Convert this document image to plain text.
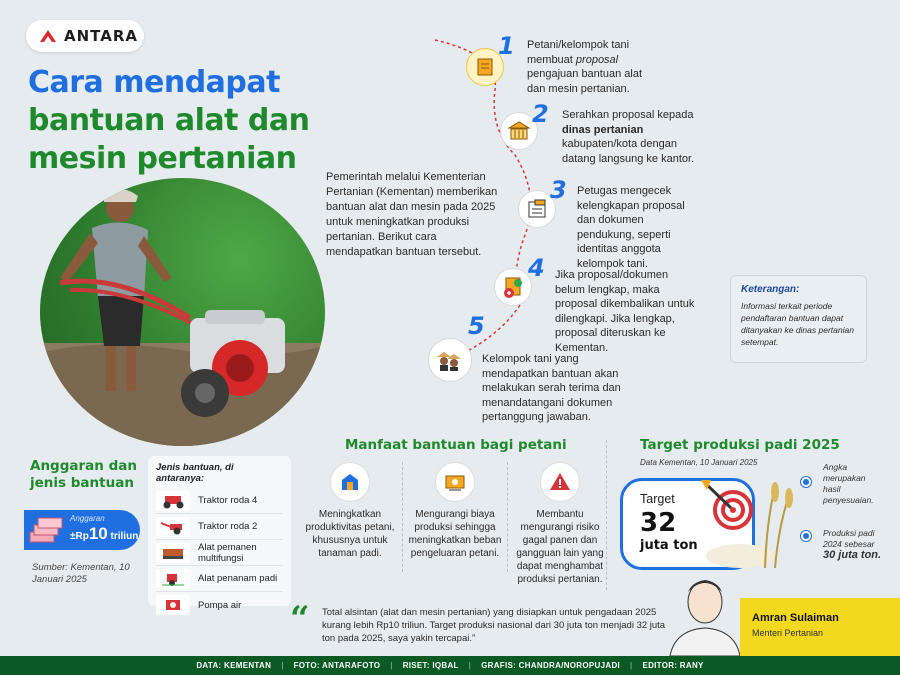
ANTARA
Cara mendapat
bantuan alat dan
mesin pertanian
Pemerintah melalui Kementerian Pertanian (Kementan) memberikan bantuan alat dan mesin pada 2025 untuk meningkatkan produksi pertanian. Berikut cara mendapatkan bantuan tersebut.
1 Petani/kelompok tani membuat proposal pengajuan bantuan alat dan mesin pertanian.
2 Serahkan proposal kepada dinas pertanian kabupaten/kota dengan datang langsung ke kantor.
3 Petugas mengecek kelengkapan proposal dan dokumen pendukung, seperti identitas anggota kelompok tani.
4 Jika proposal/dokumen belum lengkap, maka proposal dikembalikan untuk dilengkapi. Jika lengkap, proposal diteruskan ke Kementan.
5
Kelompok tani yang mendapatkan bantuan akan melakukan serah terima dan menandatangani dokumen pertanggung jawaban.
Keterangan:
Informasi terkait periode pendaftaran bantuan dapat ditanyakan ke dinas pertanian setempat.
Anggaran dan jenis bantuan
Anggaran
±Rp10 triliun
Sumber: Kementan, 10 Januari 2025
Jenis bantuan, di antaranya:
Traktor roda 4
Traktor roda 2
Alat pemanen multifungsi
Alat penanam padi
Pompa air
Manfaat bantuan bagi petani
Meningkatkan produktivitas petani, khususnya untuk tanaman padi.
Mengurangi biaya produksi sehingga meningkatkan beban pengeluaran petani.
Membantu mengurangi risiko gagal panen dan gangguan lain yang dapat menghambat produksi pertanian.
Target produksi padi 2025
Data Kementan, 10 Januari 2025
Target
32
juta ton
Angka merupakan hasil penyesuaian.
Produksi padi 2024 sebesar
30 juta ton.
“ Total alsintan (alat dan mesin pertanian) yang disiapkan untuk pengadaan 2025 kurang lebih Rp10 triliun. Target produksi nasional dari 30 juta ton menjadi 32 juta ton pada 2025, saya yakin tercapai.”
Amran Sulaiman
Menteri Pertanian
DATA: KEMENTAN | FOTO: ANTARAFOTO | RISET: IQBAL | GRAFIS: CHANDRA/NOROPUJADI | EDITOR: RANY
